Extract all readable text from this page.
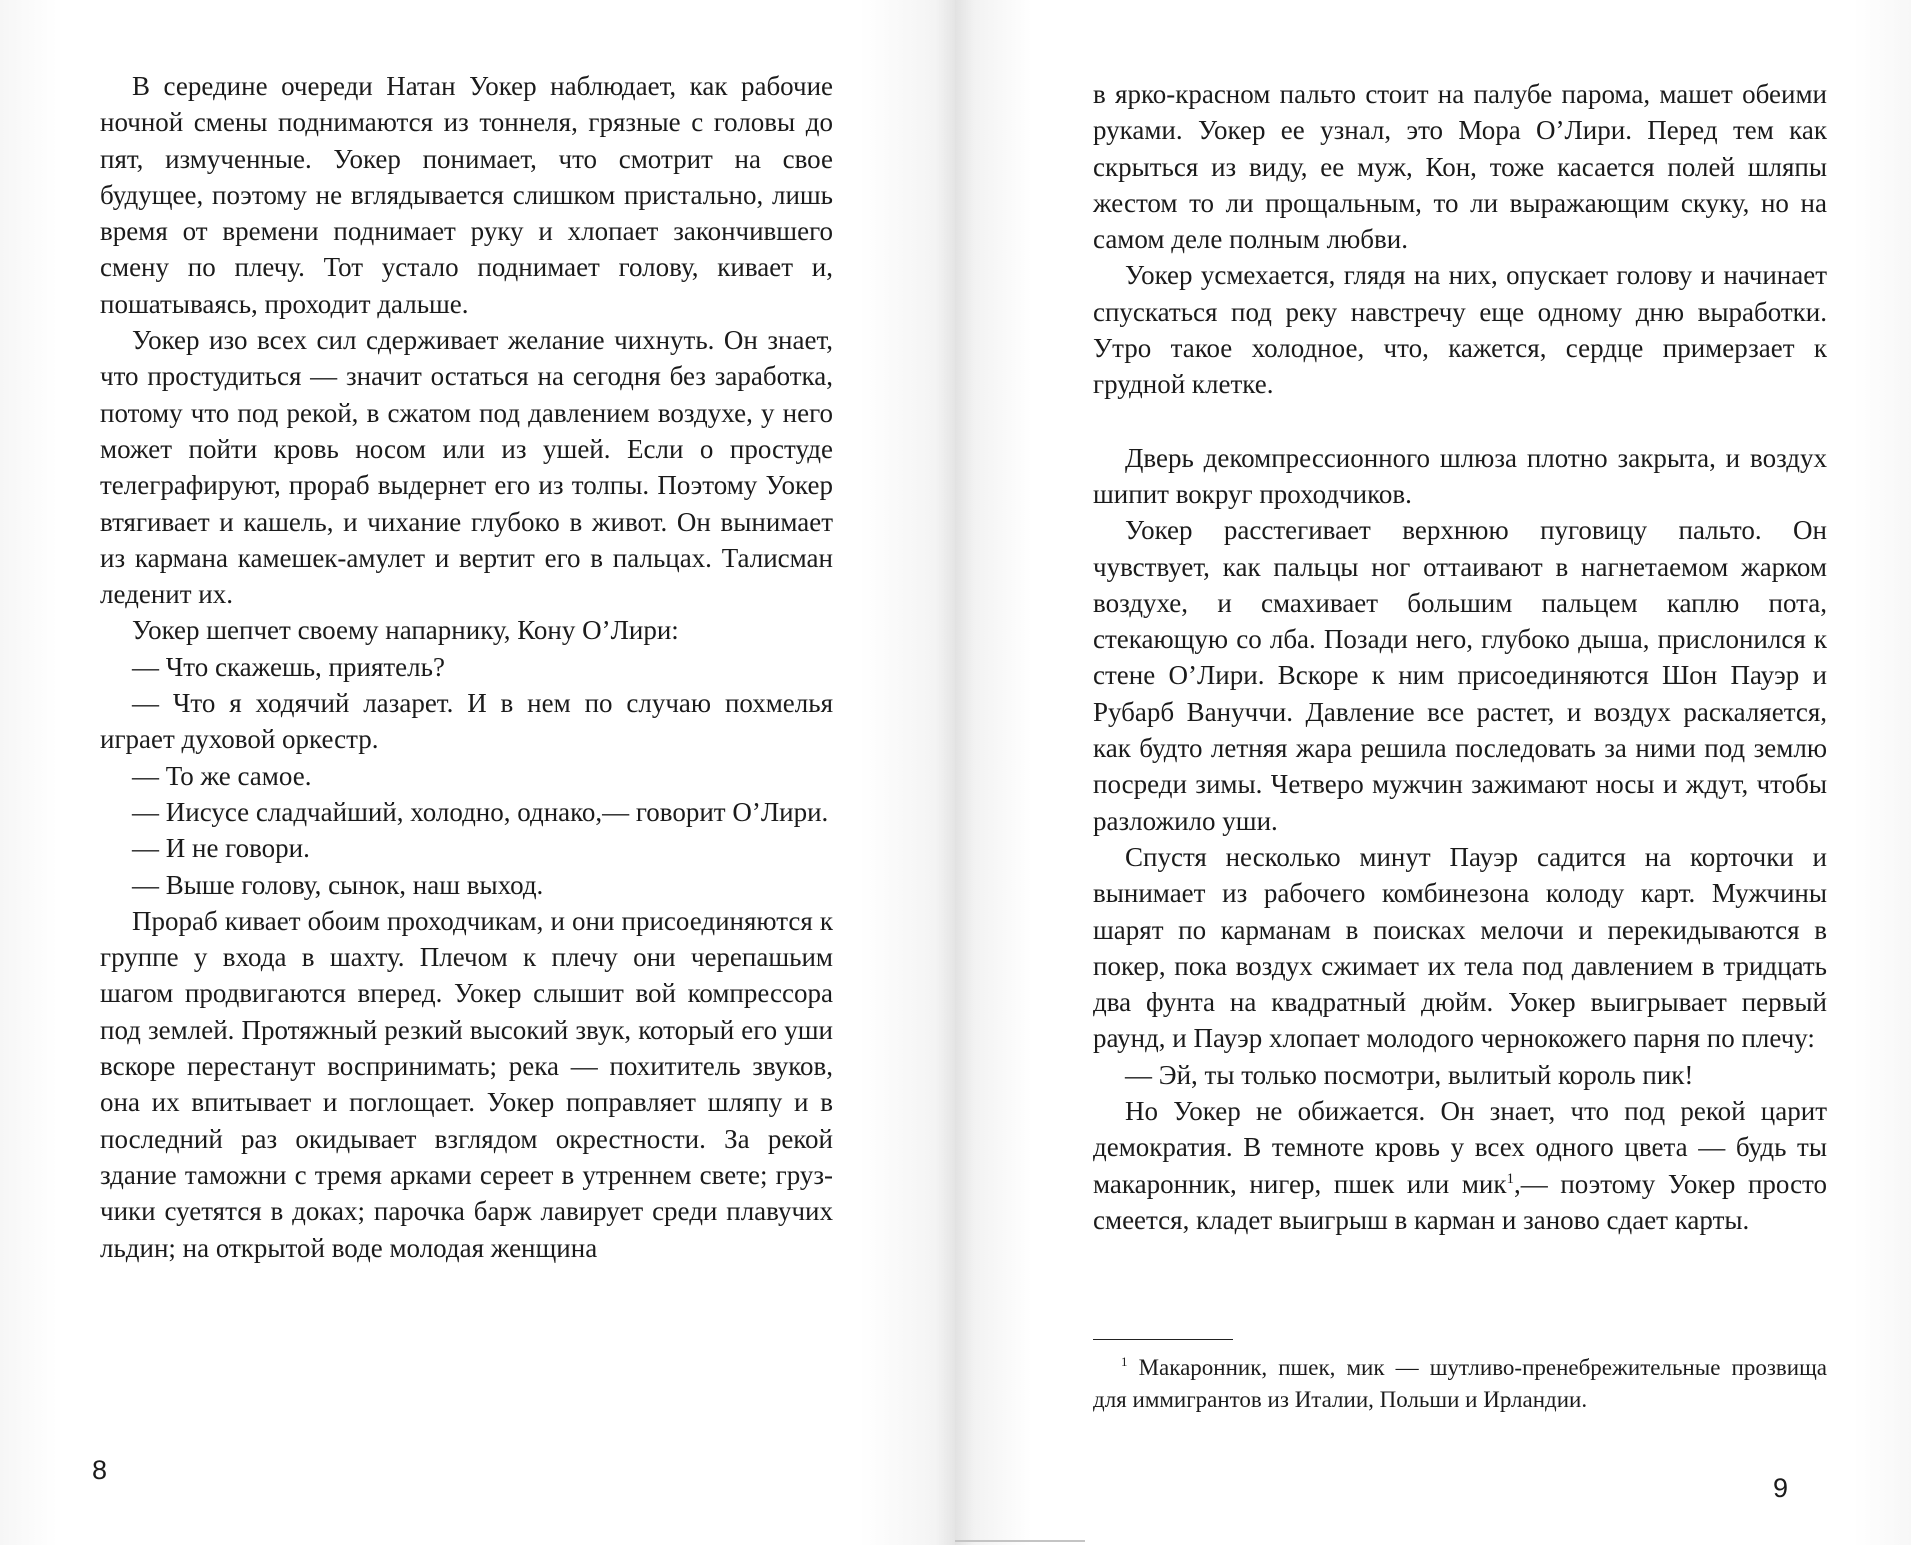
В середине очереди Натан Уокер наблюдает, как рабочие ночной смены поднимаются из тоннеля, грязные с головы до пят, измученные. Уокер понимает, что смотрит на свое будущее, поэтому не вглядывается слишком пристально, лишь время от времени поднимает руку и хлопает закончившего смену по плечу. Тот устало поднимает голову, кивает и, пошатываясь, проходит дальше.

Уокер изо всех сил сдерживает желание чихнуть. Он знает, что простудиться — значит остаться на сегодня без заработка, потому что под рекой, в сжатом под давлением воздухе, у него может пойти кровь носом или из ушей. Если о простуде телеграфируют, прораб выдернет его из толпы. Поэтому Уокер втягивает и кашель, и чихание глубоко в живот. Он вынимает из кармана камешек-амулет и вертит его в пальцах. Талисман леденит их.

Уокер шепчет своему напарнику, Кону О’Лири:

— Что скажешь, приятель?

— Что я ходячий лазарет. И в нем по случаю похмелья играет духовой оркестр.

— То же самое.

— Иисусе сладчайший, холодно, однако,— говорит О’Лири.

— И не говори.

— Выше голову, сынок, наш выход.

Прораб кивает обоим проходчикам, и они присоединяются к группе у входа в шахту. Плечом к плечу они черепашьим шагом продвигаются вперед. Уокер слышит вой компрессора под землей. Протяжный резкий высокий звук, который его уши вскоре перестанут воспринимать; река — похититель звуков, она их впитывает и поглощает. Уокер поправляет шляпу и в последний раз окидывает взглядом окрестности. За рекой здание таможни с тремя арками сереет в утреннем свете; грузчики суетятся в доках; парочка барж лавирует среди плавучих льдин; на открытой воде молодая женщина

8

в ярко-красном пальто стоит на палубе парома, машет обеими руками. Уокер ее узнал, это Мора О’Лири. Перед тем как скрыться из виду, ее муж, Кон, тоже касается полей шляпы жестом то ли прощальным, то ли выражающим скуку, но на самом деле полным любви.

Уокер усмехается, глядя на них, опускает голову и начинает спускаться под реку навстречу еще одному дню выработки. Утро такое холодное, что, кажется, сердце примерзает к грудной клетке.

Дверь декомпрессионного шлюза плотно закрыта, и воздух шипит вокруг проходчиков.

Уокер расстегивает верхнюю пуговицу пальто. Он чувствует, как пальцы ног оттаивают в нагнетаемом жарком воздухе, и смахивает большим пальцем каплю пота, стекающую со лба. Позади него, глубоко дыша, прислонился к стене О’Лири. Вскоре к ним присоединяются Шон Пауэр и Рубарб Вануччи. Давление все растет, и воздух раскаляется, как будто летняя жара решила последовать за ними под землю посреди зимы. Четверо мужчин зажимают носы и ждут, чтобы разложило уши.

Спустя несколько минут Пауэр садится на корточки и вынимает из рабочего комбинезона колоду карт. Мужчины шарят по карманам в поисках мелочи и перекидываются в покер, пока воздух сжимает их тела под давлением в тридцать два фунта на квадратный дюйм. Уокер выигрывает первый раунд, и Пауэр хлопает молодого чернокожего парня по плечу:

— Эй, ты только посмотри, вылитый король пик!

Но Уокер не обижается. Он знает, что под рекой царит демократия. В темноте кровь у всех одного цвета — будь ты макаронник, нигер, пшек или мик$^1$,— поэтому Уокер просто смеется, кладет выигрыш в карман и заново сдает карты.

$^1$ Макаронник, пшек, мик — шутливо-пренебрежительные прозвища для иммигрантов из Италии, Польши и Ирландии.

9
